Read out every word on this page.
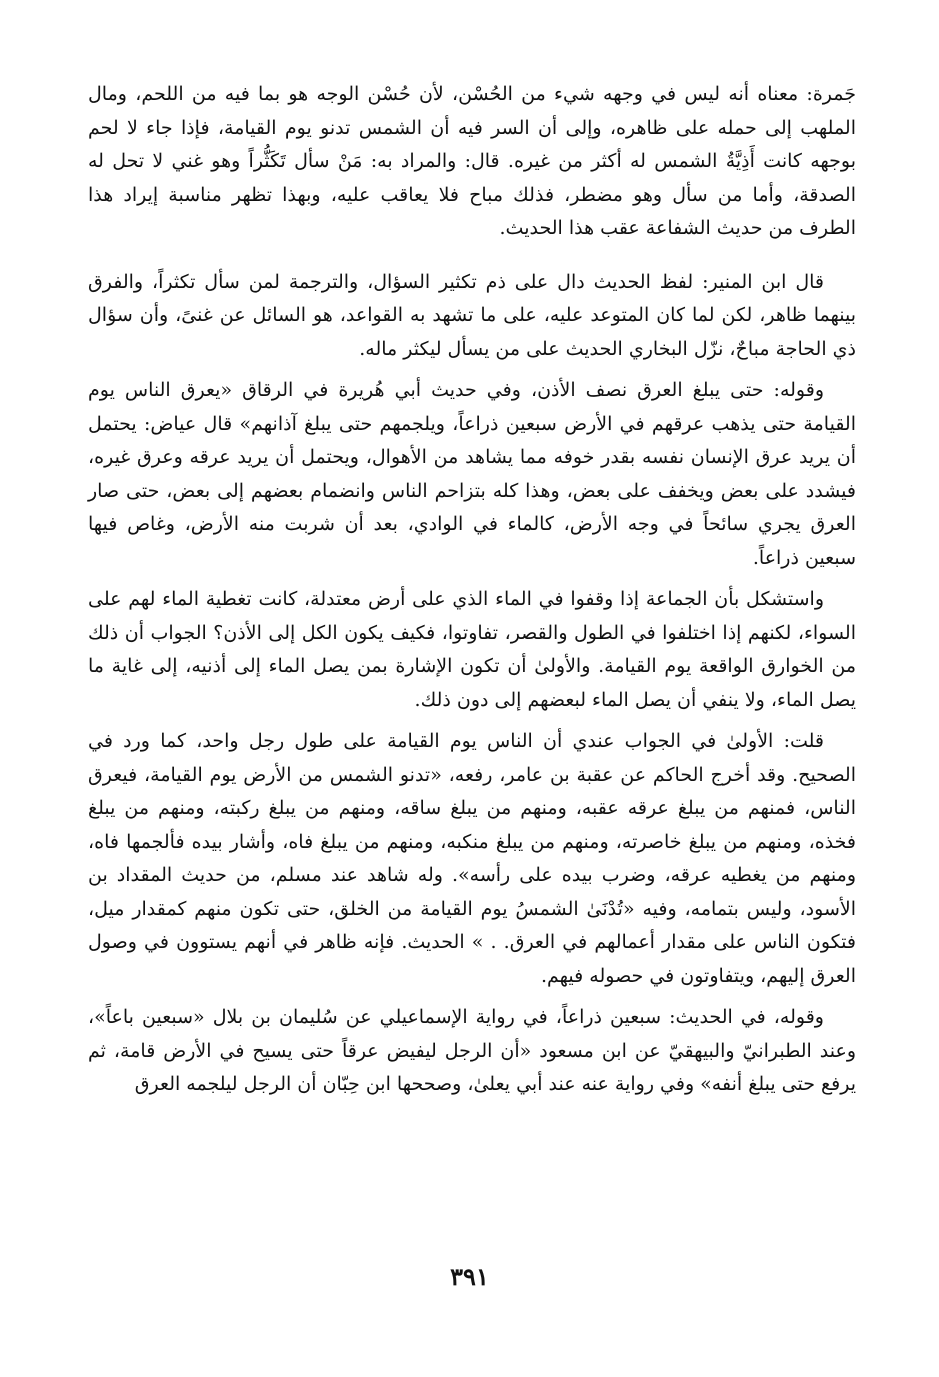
جَمرة: معناه أنه ليس في وجهه شيء من الحُسْن، لأن حُسْن الوجه هو بما فيه من اللحم، ومال الملهب إلى حمله على ظاهره، وإلى أن السر فيه أن الشمس تدنو يوم القيامة، فإذا جاء لا لحم بوجهه كانت أَذِيَّةُ الشمس له أكثر من غيره. قال: والمراد به: مَنْ سأل تَكَثُّراً وهو غني لا تحل له الصدقة، وأما من سأل وهو مضطر، فذلك مباح فلا يعاقب عليه، وبهذا تظهر مناسبة إيراد هذا الطرف من حديث الشفاعة عقب هذا الحديث.

قال ابن المنير: لفظ الحديث دال على ذم تكثير السؤال، والترجمة لمن سأل تكثراً، والفرق بينهما ظاهر، لكن لما كان المتوعد عليه، على ما تشهد به القواعد، هو السائل عن غنىً، وأن سؤال ذي الحاجة مباحٌ، نزّل البخاري الحديث على من يسأل ليكثر ماله.

وقوله: حتى يبلغ العرق نصف الأذن، وفي حديث أبي هُريرة في الرقاق «يعرق الناس يوم القيامة حتى يذهب عرقهم في الأرض سبعين ذراعاً، ويلجمهم حتى يبلغ آذانهم» قال عياض: يحتمل أن يريد عرق الإنسان نفسه بقدر خوفه مما يشاهد من الأهوال، ويحتمل أن يريد عرقه وعرق غيره، فيشدد على بعض ويخفف على بعض، وهذا كله بتزاحم الناس وانضمام بعضهم إلى بعض، حتى صار العرق يجري سائحاً في وجه الأرض، كالماء في الوادي، بعد أن شربت منه الأرض، وغاص فيها سبعين ذراعاً.

واستشكل بأن الجماعة إذا وقفوا في الماء الذي على أرض معتدلة، كانت تغطية الماء لهم على السواء، لكنهم إذا اختلفوا في الطول والقصر، تفاوتوا، فكيف يكون الكل إلى الأذن؟ الجواب أن ذلك من الخوارق الواقعة يوم القيامة. والأولىٰ أن تكون الإشارة بمن يصل الماء إلى أذنيه، إلى غاية ما يصل الماء، ولا ينفي أن يصل الماء لبعضهم إلى دون ذلك.

قلت: الأولىٰ في الجواب عندي أن الناس يوم القيامة على طول رجل واحد، كما ورد في الصحيح. وقد أخرج الحاكم عن عقبة بن عامر، رفعه، «تدنو الشمس من الأرض يوم القيامة، فيعرق الناس، فمنهم من يبلغ عرقه عقبه، ومنهم من يبلغ ساقه، ومنهم من يبلغ ركبته، ومنهم من يبلغ فخذه، ومنهم من يبلغ خاصرته، ومنهم من يبلغ منكبه، ومنهم من يبلغ فاه، وأشار بيده فألجمها فاه، ومنهم من يغطيه عرقه، وضرب بيده على رأسه». وله شاهد عند مسلم، من حديث المقداد بن الأسود، وليس بتمامه، وفيه «تُدْنَىٰ الشمسُ يوم القيامة من الخلق، حتى تكون منهم كمقدار ميل، فتكون الناس على مقدار أعمالهم في العرق. . » الحديث. فإنه ظاهر في أنهم يستوون في وصول العرق إليهم، ويتفاوتون في حصوله فيهم.

وقوله، في الحديث: سبعين ذراعاً، في رواية الإسماعيلي عن سُليمان بن بلال «سبعين باعاً»، وعند الطبرانيّ والبيهقيّ عن ابن مسعود «أن الرجل ليفيض عرقاً حتى يسيح في الأرض قامة، ثم يرفع حتى يبلغ أنفه» وفي رواية عنه عند أبي يعلىٰ، وصححها ابن حِبّان أن الرجل ليلجمه العرق

٣٩١
